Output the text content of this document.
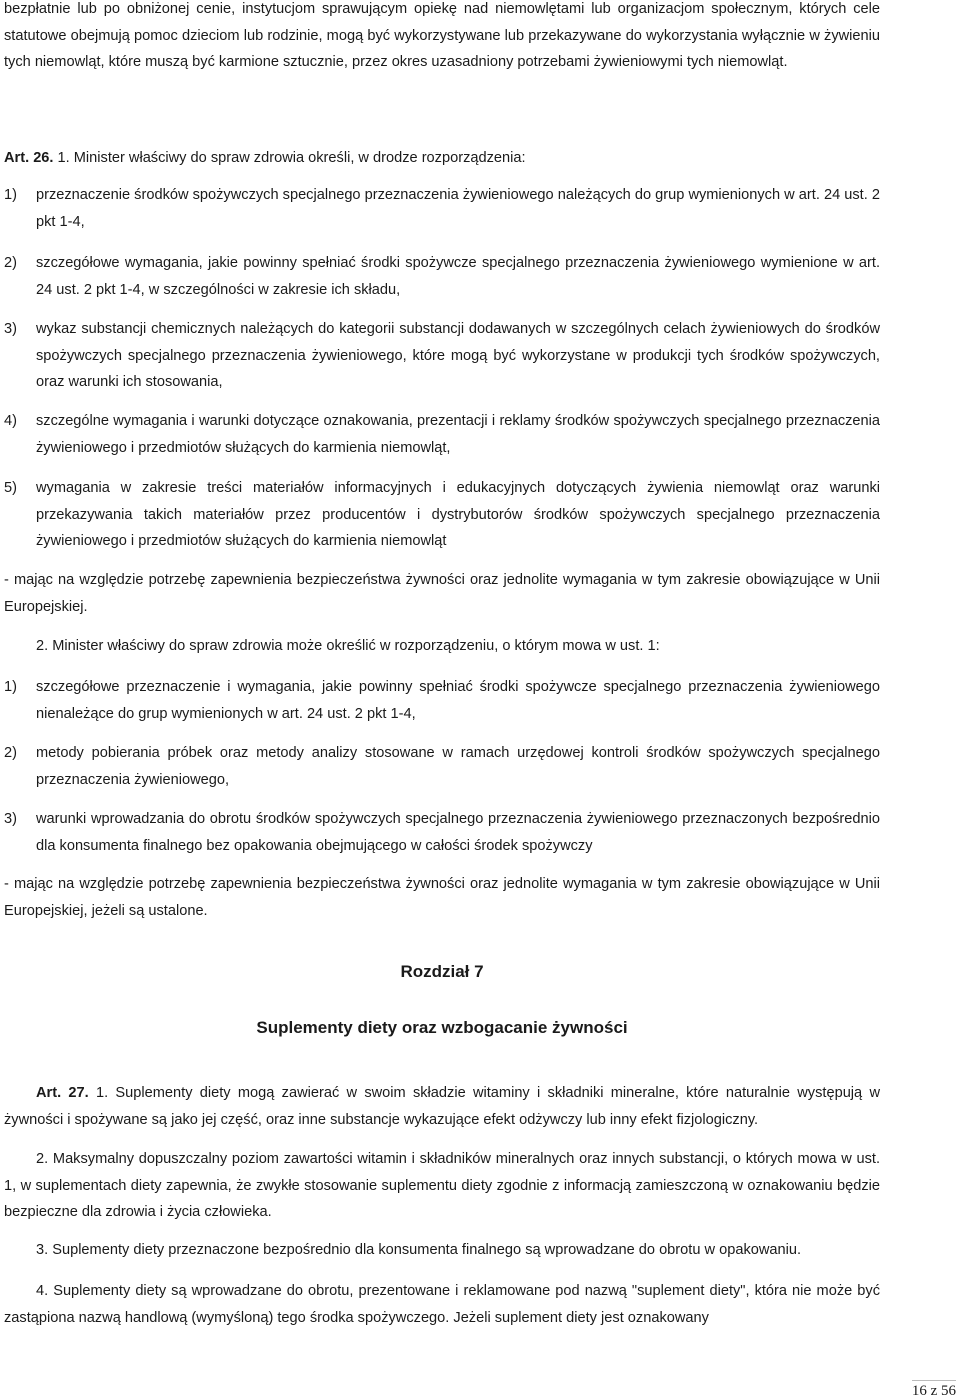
bezpłatnie lub po obniżonej cenie, instytucjom sprawującym opiekę nad niemowlętami lub organizacjom społecznym, których cele statutowe obejmują pomoc dzieciom lub rodzinie, mogą być wykorzystywane lub przekazywane do wykorzystania wyłącznie w żywieniu tych niemowląt, które muszą być karmione sztucznie, przez okres uzasadniony potrzebami żywieniowymi tych niemowląt.

Art. 26. 1. Minister właściwy do spraw zdrowia określi, w drodze rozporządzenia:

1) przeznaczenie środków spożywczych specjalnego przeznaczenia żywieniowego należących do grup wymienionych w art. 24 ust. 2 pkt 1-4,

2) szczegółowe wymagania, jakie powinny spełniać środki spożywcze specjalnego przeznaczenia żywieniowego wymienione w art. 24 ust. 2 pkt 1-4, w szczególności w zakresie ich składu,

3) wykaz substancji chemicznych należących do kategorii substancji dodawanych w szczególnych celach żywieniowych do środków spożywczych specjalnego przeznaczenia żywieniowego, które mogą być wykorzystane w produkcji tych środków spożywczych, oraz warunki ich stosowania,

4) szczególne wymagania i warunki dotyczące oznakowania, prezentacji i reklamy środków spożywczych specjalnego przeznaczenia żywieniowego i przedmiotów służących do karmienia niemowląt,

5) wymagania w zakresie treści materiałów informacyjnych i edukacyjnych dotyczących żywienia niemowląt oraz warunki przekazywania takich materiałów przez producentów i dystrybutorów środków spożywczych specjalnego przeznaczenia żywieniowego i przedmiotów służących do karmienia niemowląt

- mając na względzie potrzebę zapewnienia bezpieczeństwa żywności oraz jednolite wymagania w tym zakresie obowiązujące w Unii Europejskiej.

2. Minister właściwy do spraw zdrowia może określić w rozporządzeniu, o którym mowa w ust. 1:

1) szczegółowe przeznaczenie i wymagania, jakie powinny spełniać środki spożywcze specjalnego przeznaczenia żywieniowego nienależące do grup wymienionych w art. 24 ust. 2 pkt 1-4,

2) metody pobierania próbek oraz metody analizy stosowane w ramach urzędowej kontroli środków spożywczych specjalnego przeznaczenia żywieniowego,

3) warunki wprowadzania do obrotu środków spożywczych specjalnego przeznaczenia żywieniowego przeznaczonych bezpośrednio dla konsumenta finalnego bez opakowania obejmującego w całości środek spożywczy

- mając na względzie potrzebę zapewnienia bezpieczeństwa żywności oraz jednolite wymagania w tym zakresie obowiązujące w Unii Europejskiej, jeżeli są ustalone.

Rozdział 7

Suplementy diety oraz wzbogacanie żywności

Art. 27. 1. Suplementy diety mogą zawierać w swoim składzie witaminy i składniki mineralne, które naturalnie występują w żywności i spożywane są jako jej część, oraz inne substancje wykazujące efekt odżywczy lub inny efekt fizjologiczny.

2. Maksymalny dopuszczalny poziom zawartości witamin i składników mineralnych oraz innych substancji, o których mowa w ust. 1, w suplementach diety zapewnia, że zwykłe stosowanie suplementu diety zgodnie z informacją zamieszczoną w oznakowaniu będzie bezpieczne dla zdrowia i życia człowieka.

3. Suplementy diety przeznaczone bezpośrednio dla konsumenta finalnego są wprowadzane do obrotu w opakowaniu.

4. Suplementy diety są wprowadzane do obrotu, prezentowane i reklamowane pod nazwą "suplement diety", która nie może być zastąpiona nazwą handlową (wymyśloną) tego środka spożywczego. Jeżeli suplement diety jest oznakowany

16 z 56
